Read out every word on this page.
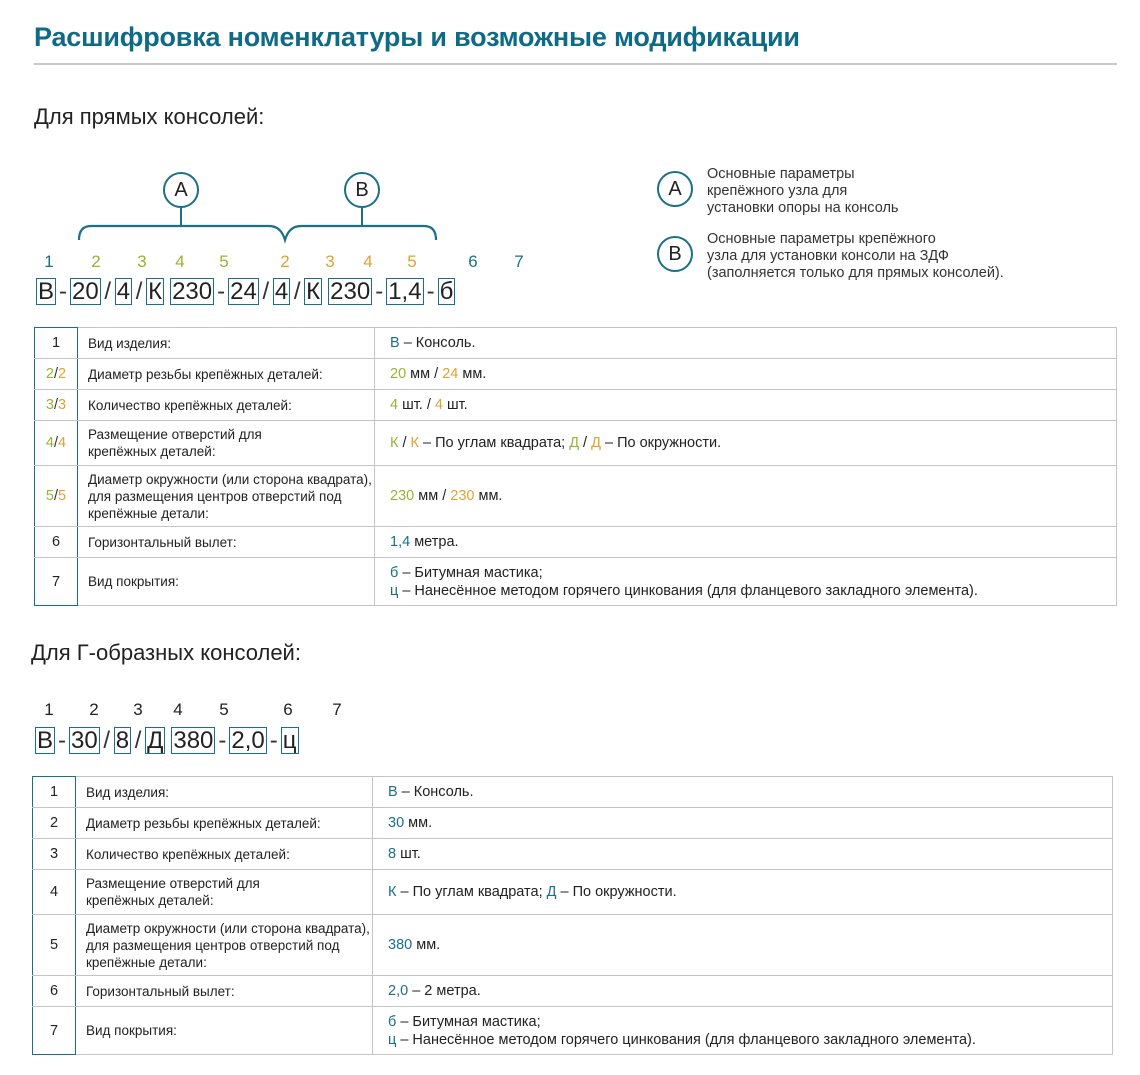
Расшифровка номенклатуры и возможные модификации
Для прямых консолей:
A	B
1	2	3	4	5	2	3	4	5	6	7
В - 20 / 4 / К 230 - 24 / 4 / К 230 - 1,4 - б
A
Основные параметры
крепёжного узла для
установки опоры на консоль
B
Основные параметры крепёжного
узла для установки консоли на ЗДФ
(заполняется только для прямых консолей).
1	Вид изделия:	В – Консоль.

2/2	Диаметр резьбы крепёжных деталей:	20 мм / 24 мм.

3/3	Количество крепёжных деталей:	4 шт. / 4 шт.

4/4	Размещение отверстий для
крепёжных деталей:	К / К – По углам квадрата; Д / Д – По окружности.

5/5	Диаметр окружности (или сторона квадрата),
для размещения центров отверстий под
крепёжные детали:	230 мм / 230 мм.

6	Горизонтальный вылет:	1,4 метра.

7	Вид покрытия:	б – Битумная мастика;
ц – Нанесённое методом горячего цинкования (для фланцевого закладного элемента).
Для Г-образных консолей:
1	2	3	4	5	6	7
В - 30 / 8 / Д 380 - 2,0 - ц
1	Вид изделия:	В – Консоль.

2	Диаметр резьбы крепёжных деталей:	30 мм.

3	Количество крепёжных деталей:	8 шт.

4	Размещение отверстий для
крепёжных деталей:	К – По углам квадрата; Д – По окружности.

5	Диаметр окружности (или сторона квадрата),
для размещения центров отверстий под
крепёжные детали:	380 мм.

6	Горизонтальный вылет:	2,0 – 2 метра.

7	Вид покрытия:	б – Битумная мастика;
ц – Нанесённое методом горячего цинкования (для фланцевого закладного элемента).
